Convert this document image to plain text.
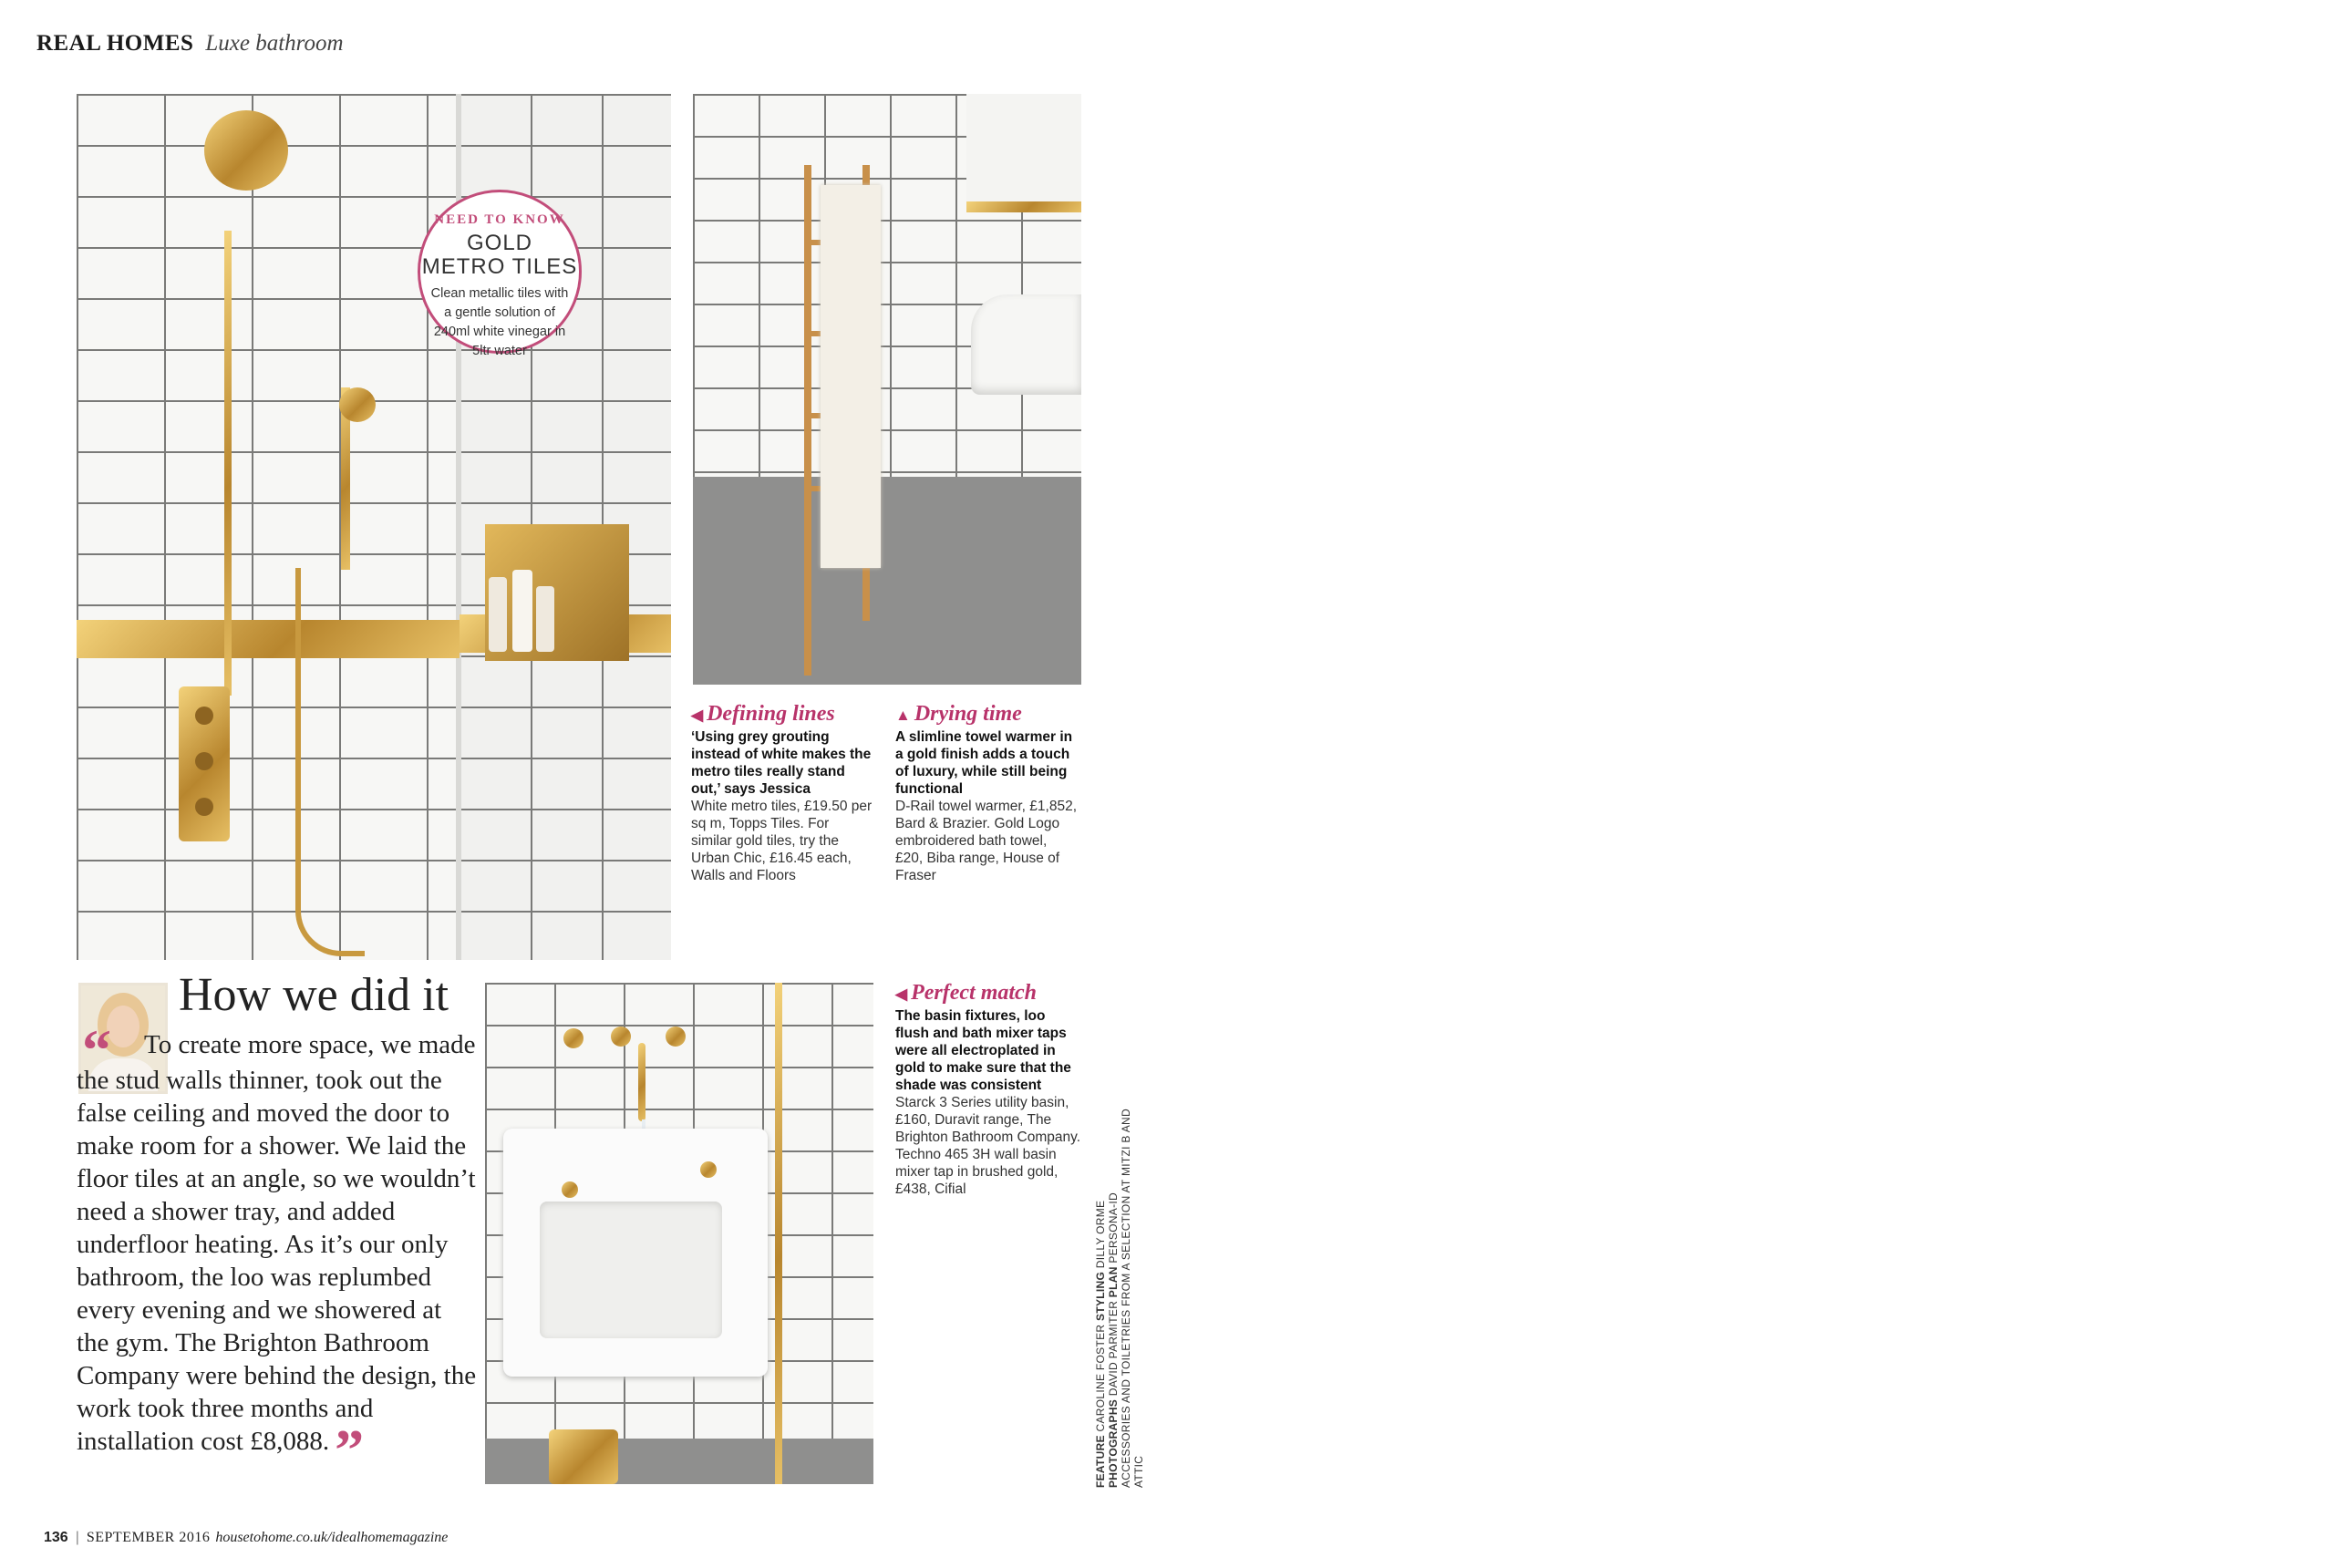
REAL HOMES Luxe bathroom
NEED TO KNOW
GOLD
METRO TILES
Clean metallic tiles with a gentle solution of 240ml white vinegar in 5ltr water
◀ Defining lines
‘Using grey grouting instead of white makes the metro tiles really stand out,’ says Jessica
White metro tiles, £19.50 per sq m, Topps Tiles. For similar gold tiles, try the Urban Chic, £16.45 each, Walls and Floors
▲ Drying time
A slimline towel warmer in a gold finish adds a touch of luxury, while still being functional
D-Rail towel warmer, £1,852, Bard & Brazier. Gold Logo embroidered bath towel, £20, Biba range, House of Fraser
How we did it
“ To create more space, we made the stud walls thinner, took out the false ceiling and moved the door to make room for a shower. We laid the floor tiles at an angle, so we wouldn’t need a shower tray, and added underfloor heating. As it’s our only bathroom, the loo was replumbed every evening and we showered at the gym. The Brighton Bathroom Company were behind the design, the work took three months and installation cost £8,088.”
◀ Perfect match
The basin fixtures, loo flush and bath mixer taps were all electroplated in gold to make sure that the shade was consistent
Starck 3 Series utility basin, £160, Duravit range, The Brighton Bathroom Company. Techno 465 3H wall basin mixer tap in brushed gold, £438, Cifial
FEATURE CAROLINE FOSTER STYLING DILLY ORME
PHOTOGRAPHS DAVID PARMITER PLAN PERSONA-ID ACCESSORIES AND TOILETRIES FROM A SELECTION AT MITZI B AND ATTIC
136 | SEPTEMBER 2016 housetohome.co.uk/idealhomemagazine
